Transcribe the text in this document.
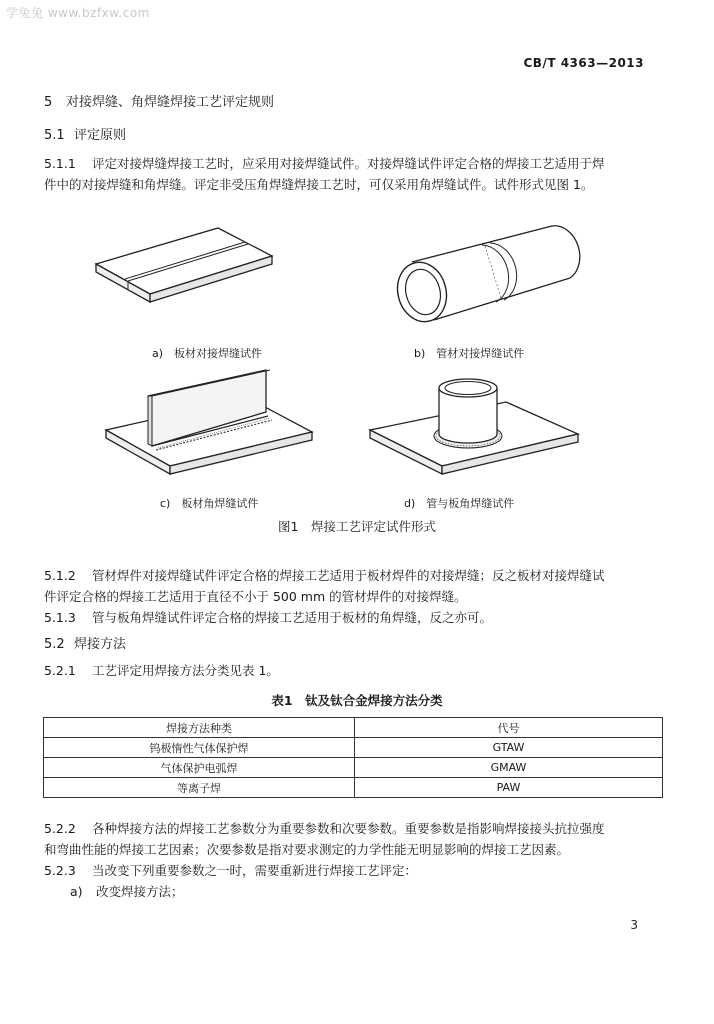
学兔兔 www.bzfxw.com
CB/T 4363—2013
5 对接焊缝、角焊缝焊接工艺评定规则
5.1 评定原则
5.1.1 评定对接焊缝焊接工艺时，应采用对接焊缝试件。对接焊缝试件评定合格的焊接工艺适用于焊
件中的对接焊缝和角焊缝。评定非受压角焊缝焊接工艺时，可仅采用角焊缝试件。试件形式见图 1。
a)　板材对接焊缝试件	b)　管材对接焊缝试件
c)　板材角焊缝试件	d)　管与板角焊缝试件
图1　焊接工艺评定试件形式
5.1.2 管材焊件对接焊缝试件评定合格的焊接工艺适用于板材焊件的对接焊缝；反之板材对接焊缝试
件评定合格的焊接工艺适用于直径不小于 500 mm 的管材焊件的对接焊缝。
5.1.3 管与板角焊缝试件评定合格的焊接工艺适用于板材的角焊缝，反之亦可。
5.2 焊接方法
5.2.1 工艺评定用焊接方法分类见表 1。
表1　钛及钛合金焊接方法分类
焊接方法种类	代号
钨极惰性气体保护焊	GTAW
气体保护电弧焊	GMAW
等离子焊	PAW
5.2.2 各种焊接方法的焊接工艺参数分为重要参数和次要参数。重要参数是指影响焊接接头抗拉强度
和弯曲性能的焊接工艺因素；次要参数是指对要求测定的力学性能无明显影响的焊接工艺因素。
5.2.3 当改变下列重要参数之一时，需要重新进行焊接工艺评定：
a) 改变焊接方法；
3
